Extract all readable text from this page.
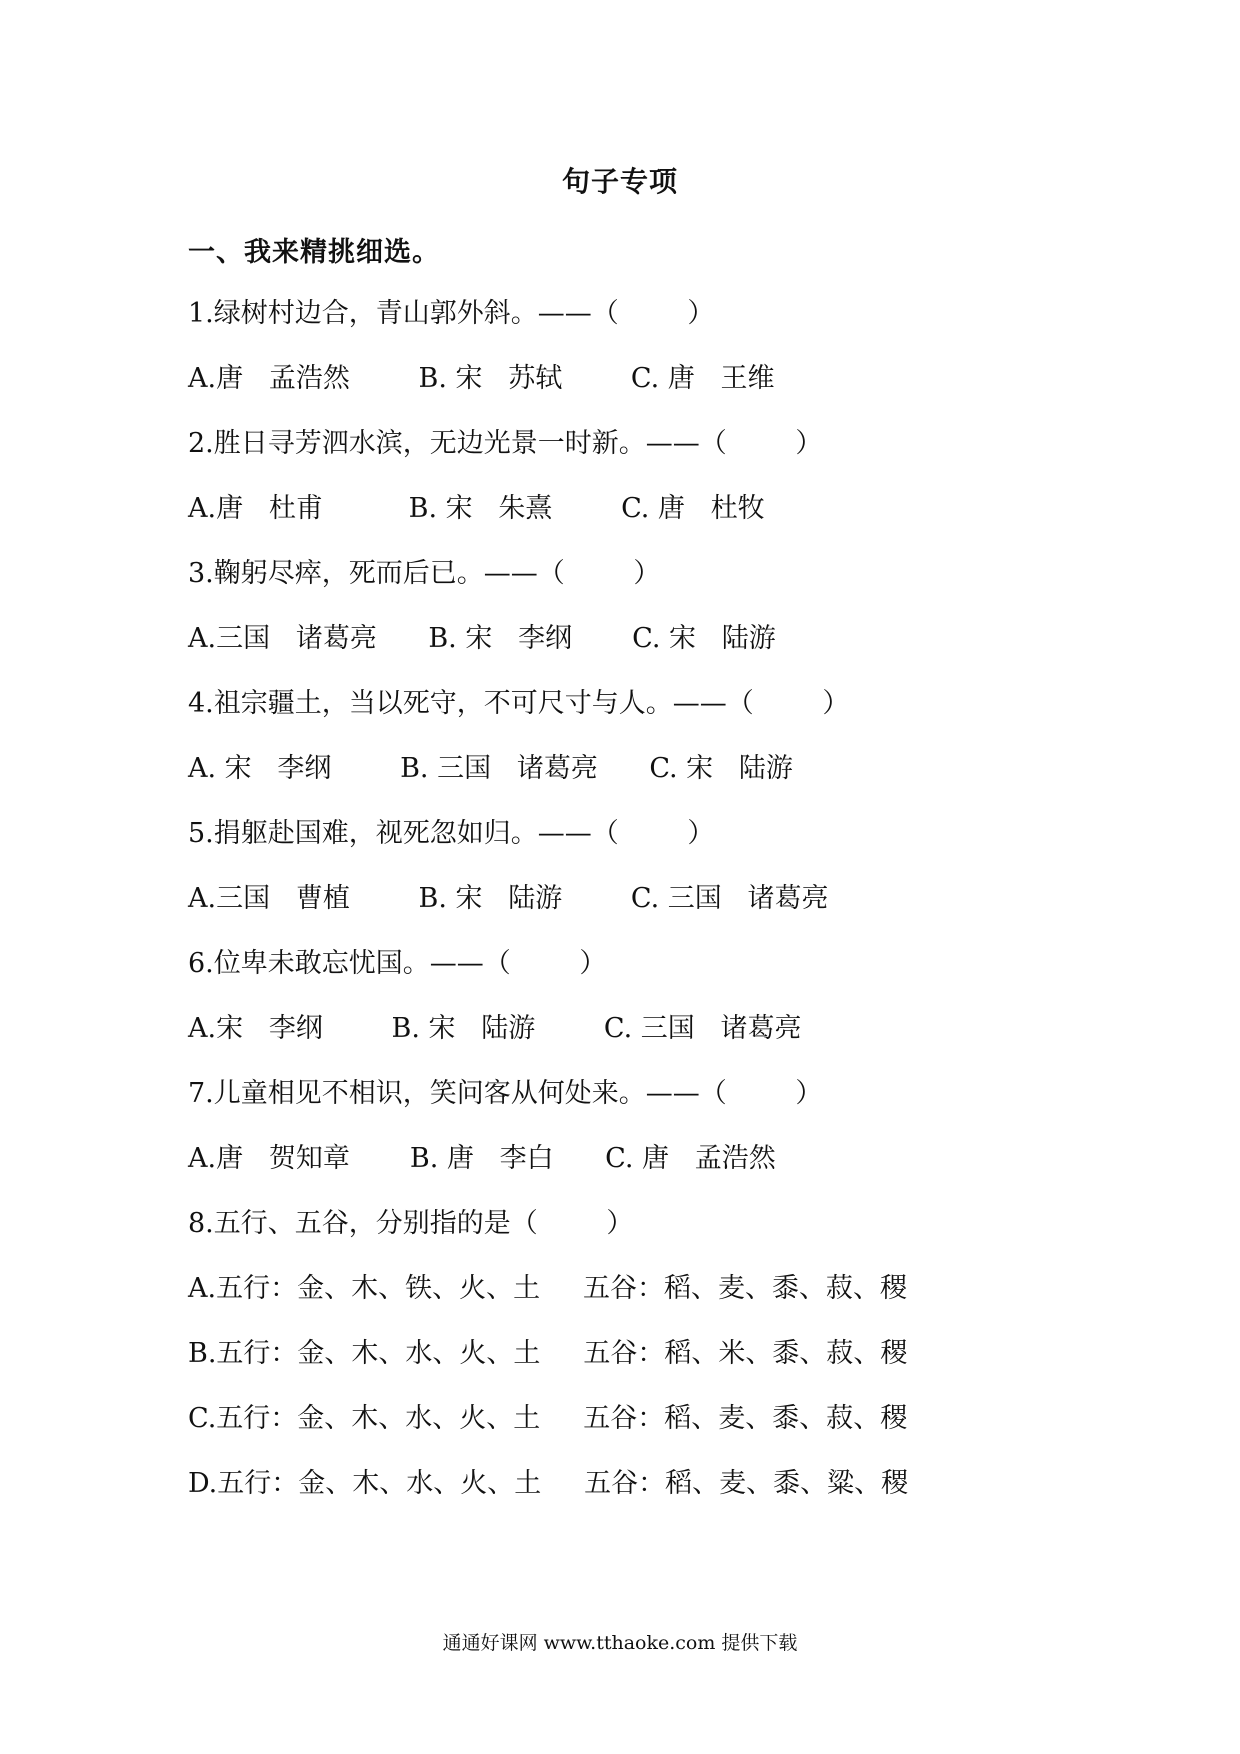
句子专项
一、我来精挑细选。
1.绿树村边合，青山郭外斜。——（        ）
A.唐   孟浩然        B. 宋   苏轼        C. 唐   王维
2.胜日寻芳泗水滨，无边光景一时新。——（        ）
A.唐   杜甫          B. 宋   朱熹        C. 唐   杜牧
3.鞠躬尽瘁，死而后已。——（        ）
A.三国   诸葛亮      B. 宋   李纲       C. 宋   陆游
4.祖宗疆土，当以死守，不可尺寸与人。——（        ）
A. 宋   李纲        B. 三国   诸葛亮      C. 宋   陆游
5.捐躯赴国难，视死忽如归。——（        ）
A.三国   曹植        B. 宋   陆游        C. 三国   诸葛亮
6.位卑未敢忘忧国。——（        ）
A.宋   李纲        B. 宋   陆游        C. 三国   诸葛亮
7.儿童相见不相识，笑问客从何处来。——（        ）
A.唐   贺知章       B. 唐   李白      C. 唐   孟浩然
8.五行、五谷，分别指的是（        ）
A.五行：金、木、铁、火、土     五谷：稻、麦、黍、菽、稷
B.五行：金、木、水、火、土     五谷：稻、米、黍、菽、稷
C.五行：金、木、水、火、土     五谷：稻、麦、黍、菽、稷
D.五行：金、木、水、火、土     五谷：稻、麦、黍、粱、稷
通通好课网 www.tthaoke.com 提供下载
